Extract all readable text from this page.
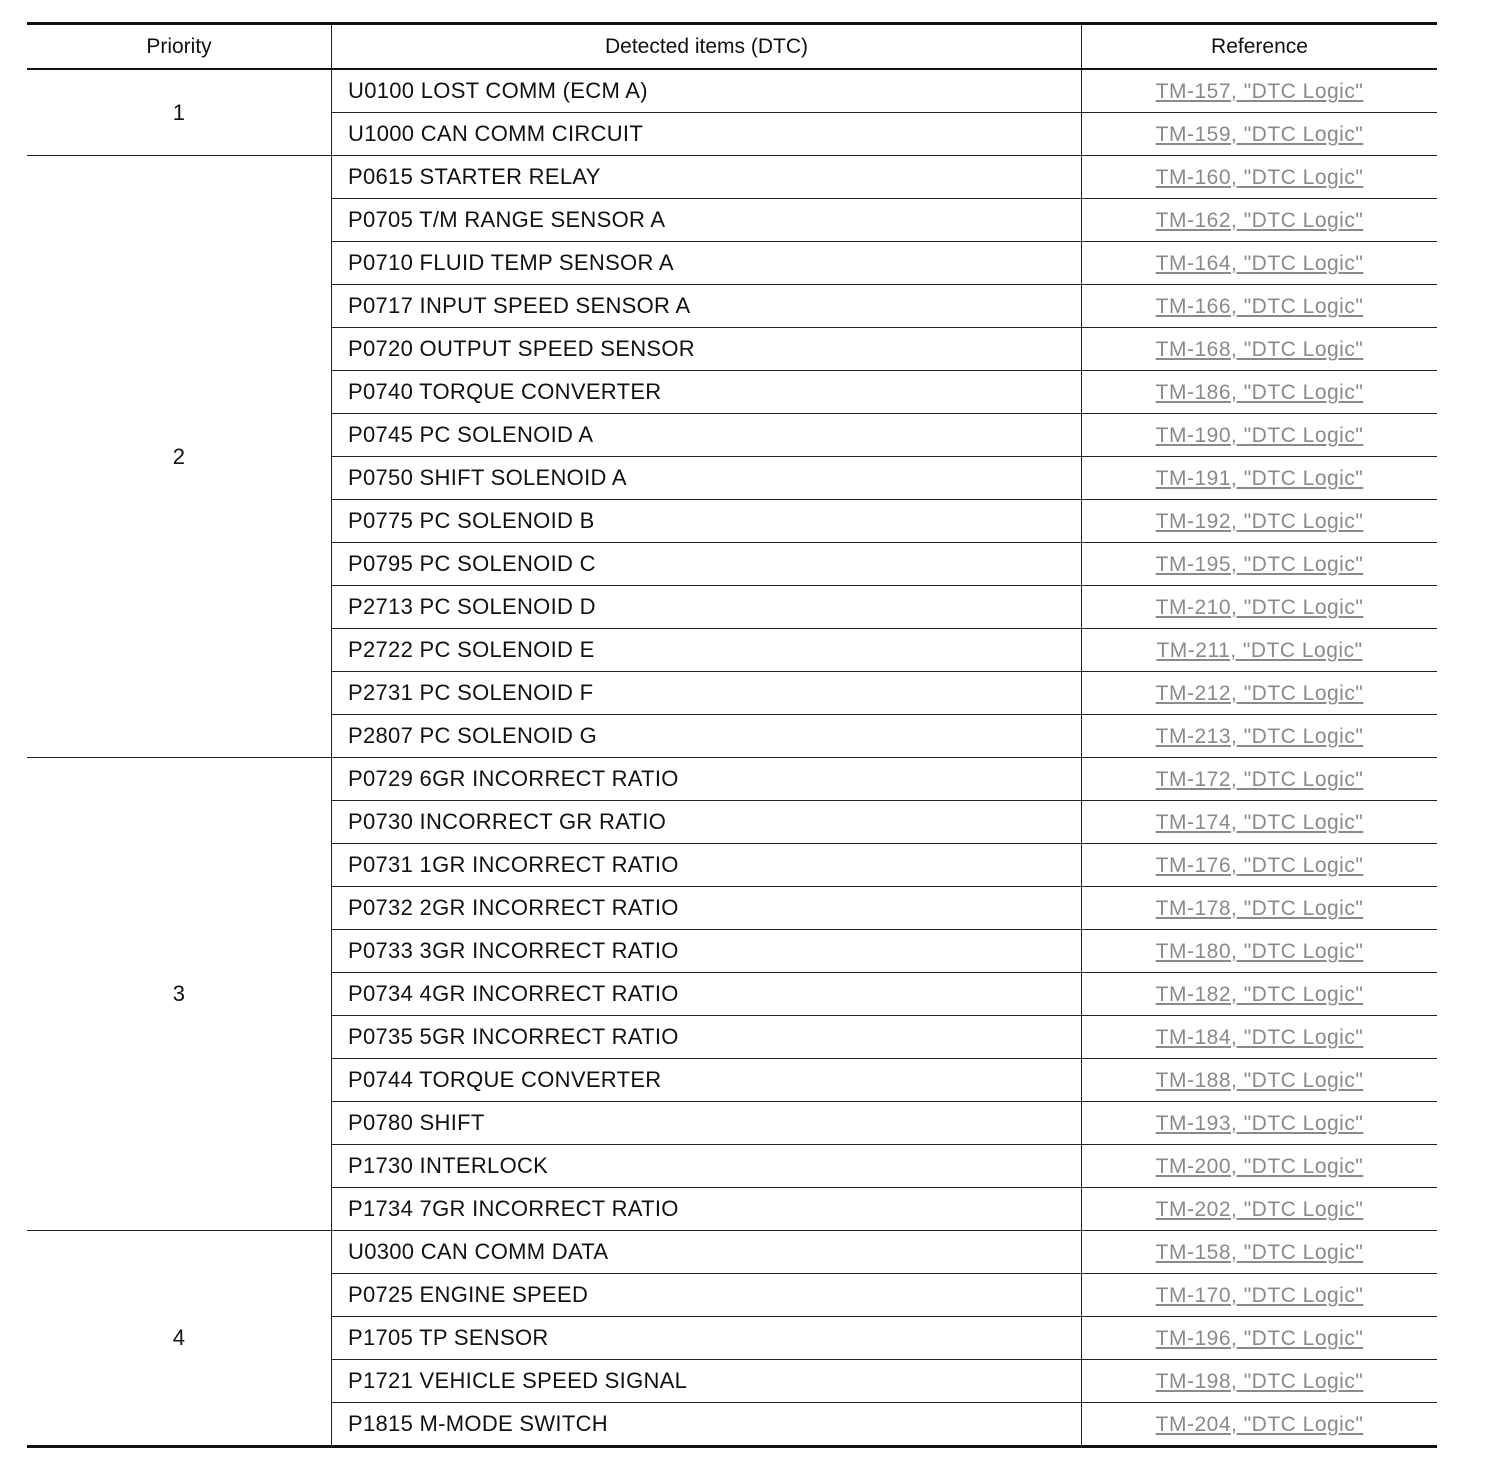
Priority	Detected items (DTC)	Reference
1	U0100 LOST COMM (ECM A)	TM-157, "DTC Logic"
	U1000 CAN COMM CIRCUIT	TM-159, "DTC Logic"
2	P0615 STARTER RELAY	TM-160, "DTC Logic"
	P0705 T/M RANGE SENSOR A	TM-162, "DTC Logic"
	P0710 FLUID TEMP SENSOR A	TM-164, "DTC Logic"
	P0717 INPUT SPEED SENSOR A	TM-166, "DTC Logic"
	P0720 OUTPUT SPEED SENSOR	TM-168, "DTC Logic"
	P0740 TORQUE CONVERTER	TM-186, "DTC Logic"
	P0745 PC SOLENOID A	TM-190, "DTC Logic"
	P0750 SHIFT SOLENOID A	TM-191, "DTC Logic"
	P0775 PC SOLENOID B	TM-192, "DTC Logic"
	P0795 PC SOLENOID C	TM-195, "DTC Logic"
	P2713 PC SOLENOID D	TM-210, "DTC Logic"
	P2722 PC SOLENOID E	TM-211, "DTC Logic"
	P2731 PC SOLENOID F	TM-212, "DTC Logic"
	P2807 PC SOLENOID G	TM-213, "DTC Logic"
3	P0729 6GR INCORRECT RATIO	TM-172, "DTC Logic"
	P0730 INCORRECT GR RATIO	TM-174, "DTC Logic"
	P0731 1GR INCORRECT RATIO	TM-176, "DTC Logic"
	P0732 2GR INCORRECT RATIO	TM-178, "DTC Logic"
	P0733 3GR INCORRECT RATIO	TM-180, "DTC Logic"
	P0734 4GR INCORRECT RATIO	TM-182, "DTC Logic"
	P0735 5GR INCORRECT RATIO	TM-184, "DTC Logic"
	P0744 TORQUE CONVERTER	TM-188, "DTC Logic"
	P0780 SHIFT	TM-193, "DTC Logic"
	P1730 INTERLOCK	TM-200, "DTC Logic"
	P1734 7GR INCORRECT RATIO	TM-202, "DTC Logic"
4	U0300 CAN COMM DATA	TM-158, "DTC Logic"
	P0725 ENGINE SPEED	TM-170, "DTC Logic"
	P1705 TP SENSOR	TM-196, "DTC Logic"
	P1721 VEHICLE SPEED SIGNAL	TM-198, "DTC Logic"
	P1815 M-MODE SWITCH	TM-204, "DTC Logic"
